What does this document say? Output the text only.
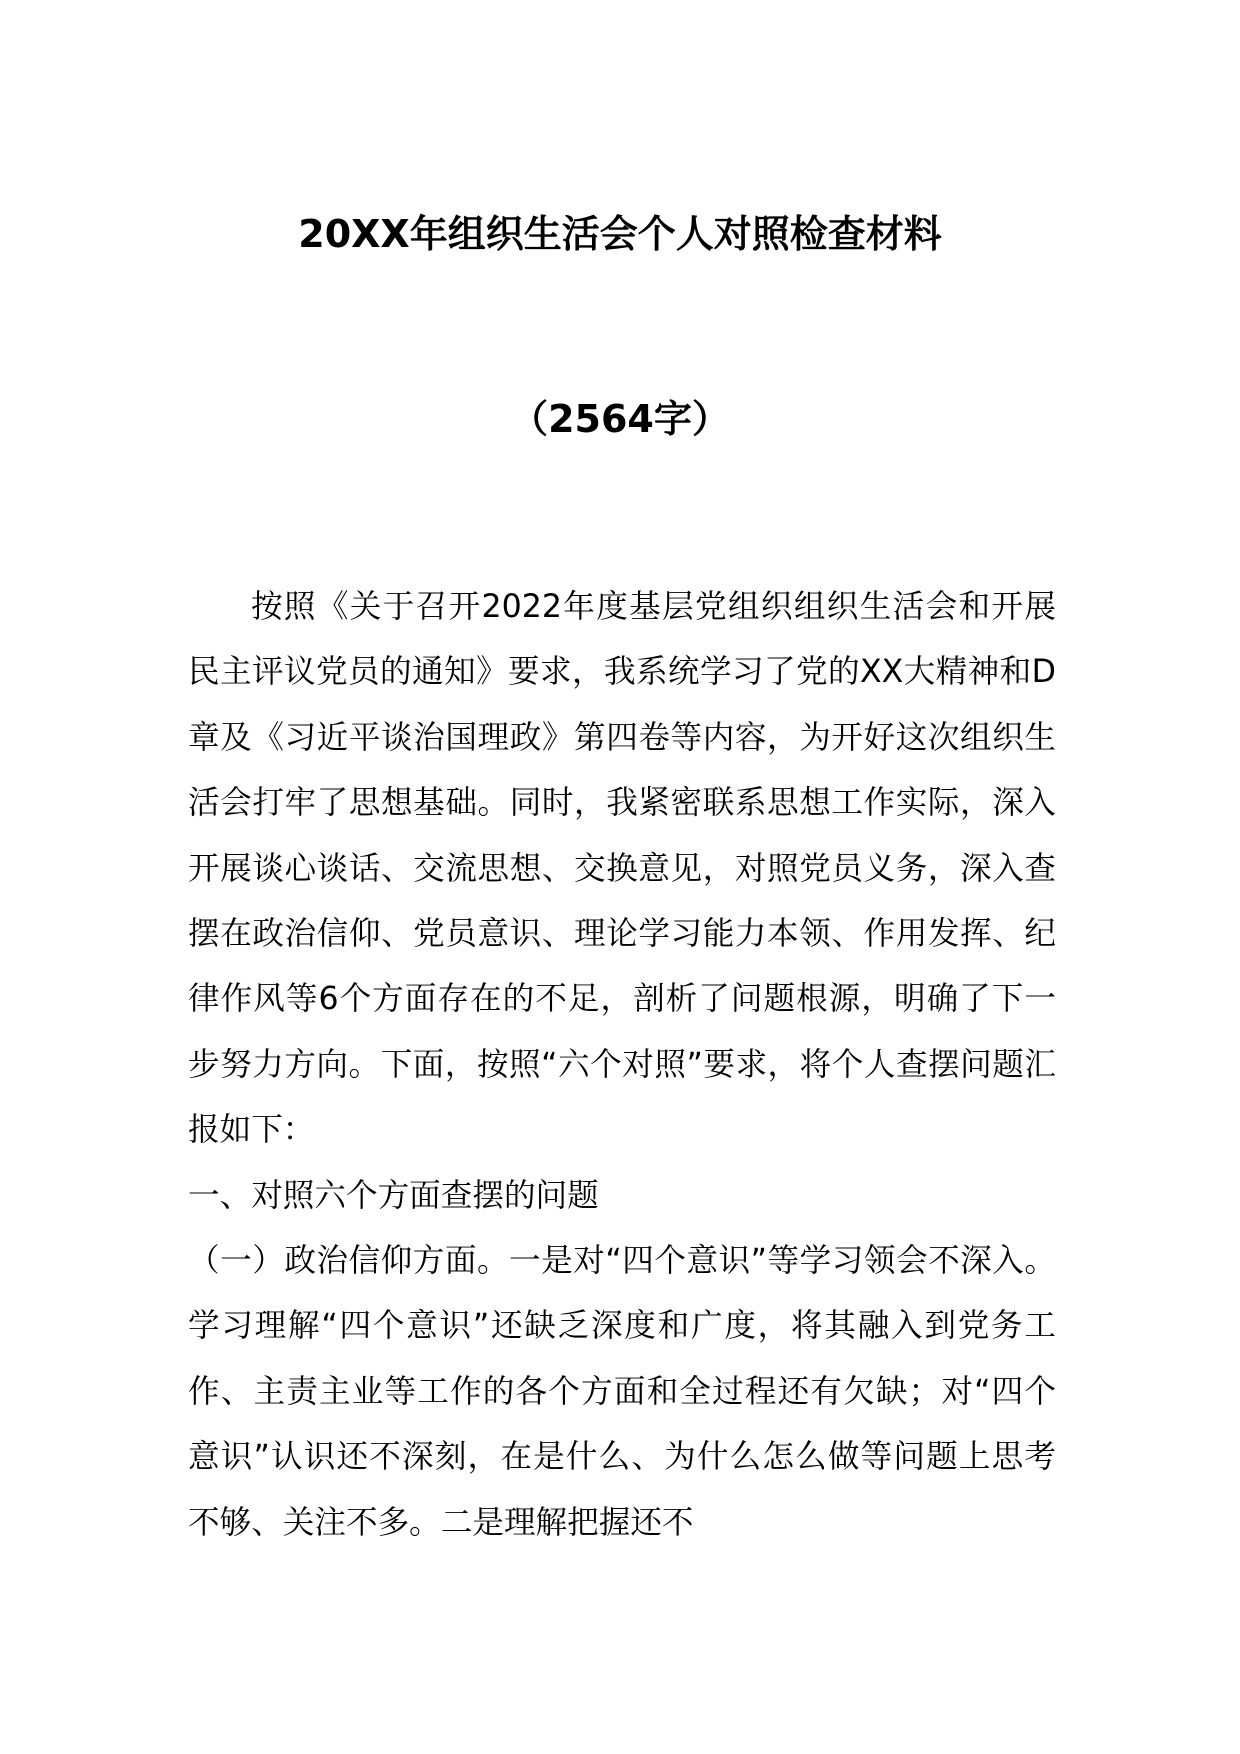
20XX年组织生活会个人对照检查材料
（2564字）

按照《关于召开2022年度基层党组织组织生活会和开展民主评议党员的通知》要求，我系统学习了党的XX大精神和D章及《习近平谈治国理政》第四卷等内容，为开好这次组织生活会打牢了思想基础。同时，我紧密联系思想工作实际，深入开展谈心谈话、交流思想、交换意见，对照党员义务，深入查摆在政治信仰、党员意识、理论学习能力本领、作用发挥、纪律作风等6个方面存在的不足，剖析了问题根源，明确了下一步努力方向。下面，按照“六个对照”要求，将个人查摆问题汇报如下：

一、对照六个方面查摆的问题

（一）政治信仰方面。一是对“四个意识”等学习领会不深入。学习理解“四个意识”还缺乏深度和广度，将其融入到党务工作、主责主业等工作的各个方面和全过程还有欠缺；对“四个意识”认识还不深刻，在是什么、为什么怎么做等问题上思考不够、关注不多。二是理解把握还不
